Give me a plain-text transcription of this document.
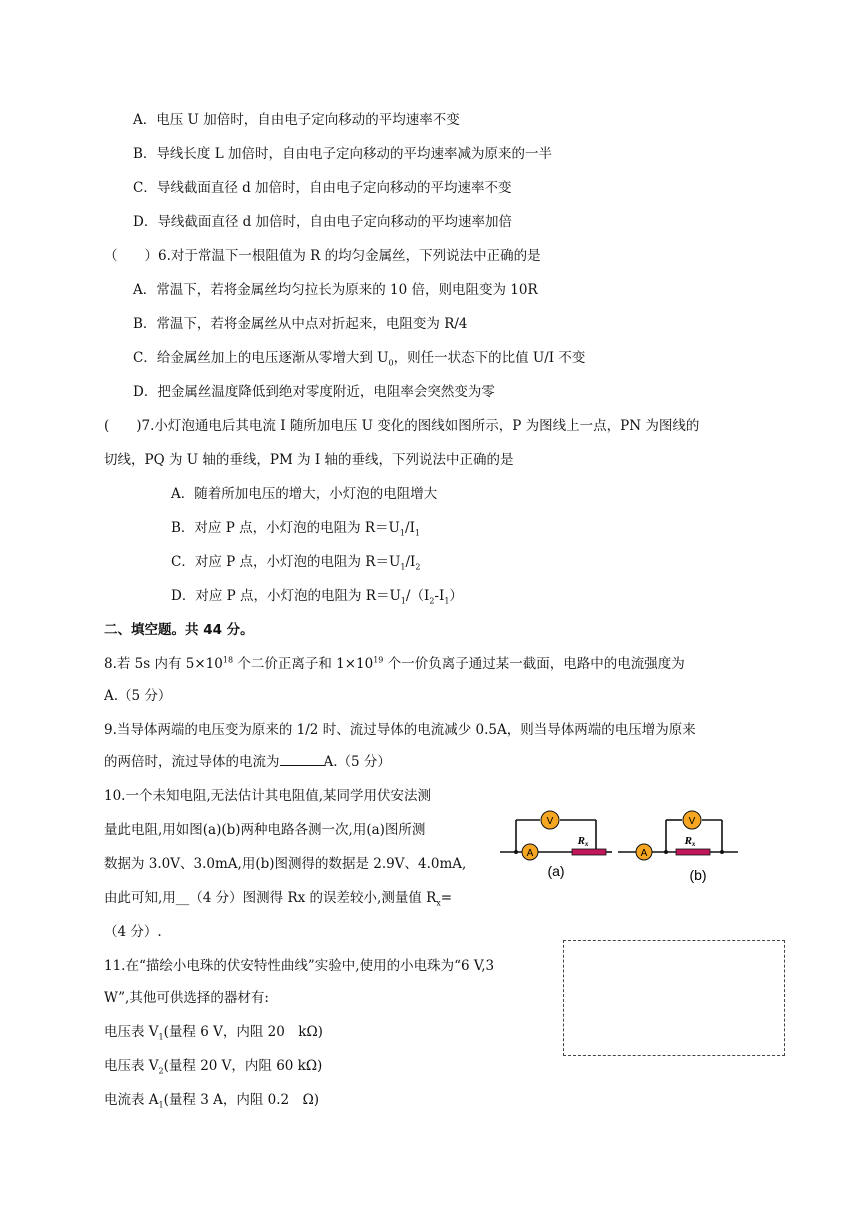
A．电压 U 加倍时，自由电子定向移动的平均速率不变
B．导线长度 L 加倍时，自由电子定向移动的平均速率减为原来的一半
C．导线截面直径 d 加倍时，自由电子定向移动的平均速率不变
D．导线截面直径 d 加倍时，自由电子定向移动的平均速率加倍
（　　）6.对于常温下一根阻值为 R 的均匀金属丝，下列说法中正确的是
A．常温下，若将金属丝均匀拉长为原来的 10 倍，则电阻变为 10R
B．常温下，若将金属丝从中点对折起来，电阻变为 R/4
C．给金属丝加上的电压逐渐从零增大到 $U_0$，则任一状态下的比值 U/I 不变
D．把金属丝温度降低到绝对零度附近，电阻率会突然变为零
(　　)7.小灯泡通电后其电流 I 随所加电压 U 变化的图线如图所示，P 为图线上一点，PN 为图线的
切线，PQ 为 U 轴的垂线，PM 为 I 轴的垂线，下列说法中正确的是
A．随着所加电压的增大，小灯泡的电阻增大
B．对应 P 点，小灯泡的电阻为 $R=U_1/I_1$
C．对应 P 点，小灯泡的电阻为 $R=U_1/I_2$
D．对应 P 点，小灯泡的电阻为 $R=U_1/(I_2-I_1)$
二、填空题。共 44 分。
8.若 5s 内有 $5\times 10^{18}$ 个二价正离子和 $1\times 10^{19}$ 个一价负离子通过某一截面，电路中的电流强度为
A.（5 分）
9.当导体两端的电压变为原来的 1/2 时、流过导体的电流减少 0.5A，则当导体两端的电压增为原来
的两倍时，流过导体的电流为	A.（5 分）
10.一个未知电阻,无法估计其电阻值,某同学用伏安法测
量此电阻,用如图(a)(b)两种电路各测一次,用(a)图所测
数据为 3.0V、3.0mA,用(b)图测得的数据是 2.9V、4.0mA,
由此可知,用__（4 分）图测得 Rx 的误差较小,测量值 $R_x=$
（4 分）.
A
V
Rx
(a)
A
V
Rx
(b)
11.在“描绘小电珠的伏安特性曲线”实验中,使用的小电珠为“6 V,3
W”,其他可供选择的器材有:
电压表 $V_1$(量程 6 V，内阻 20　kΩ)
电压表 $V_2$(量程 20 V，内阻 60 kΩ)
电流表 $A_1$(量程 3 A，内阻 0.2　Ω)
